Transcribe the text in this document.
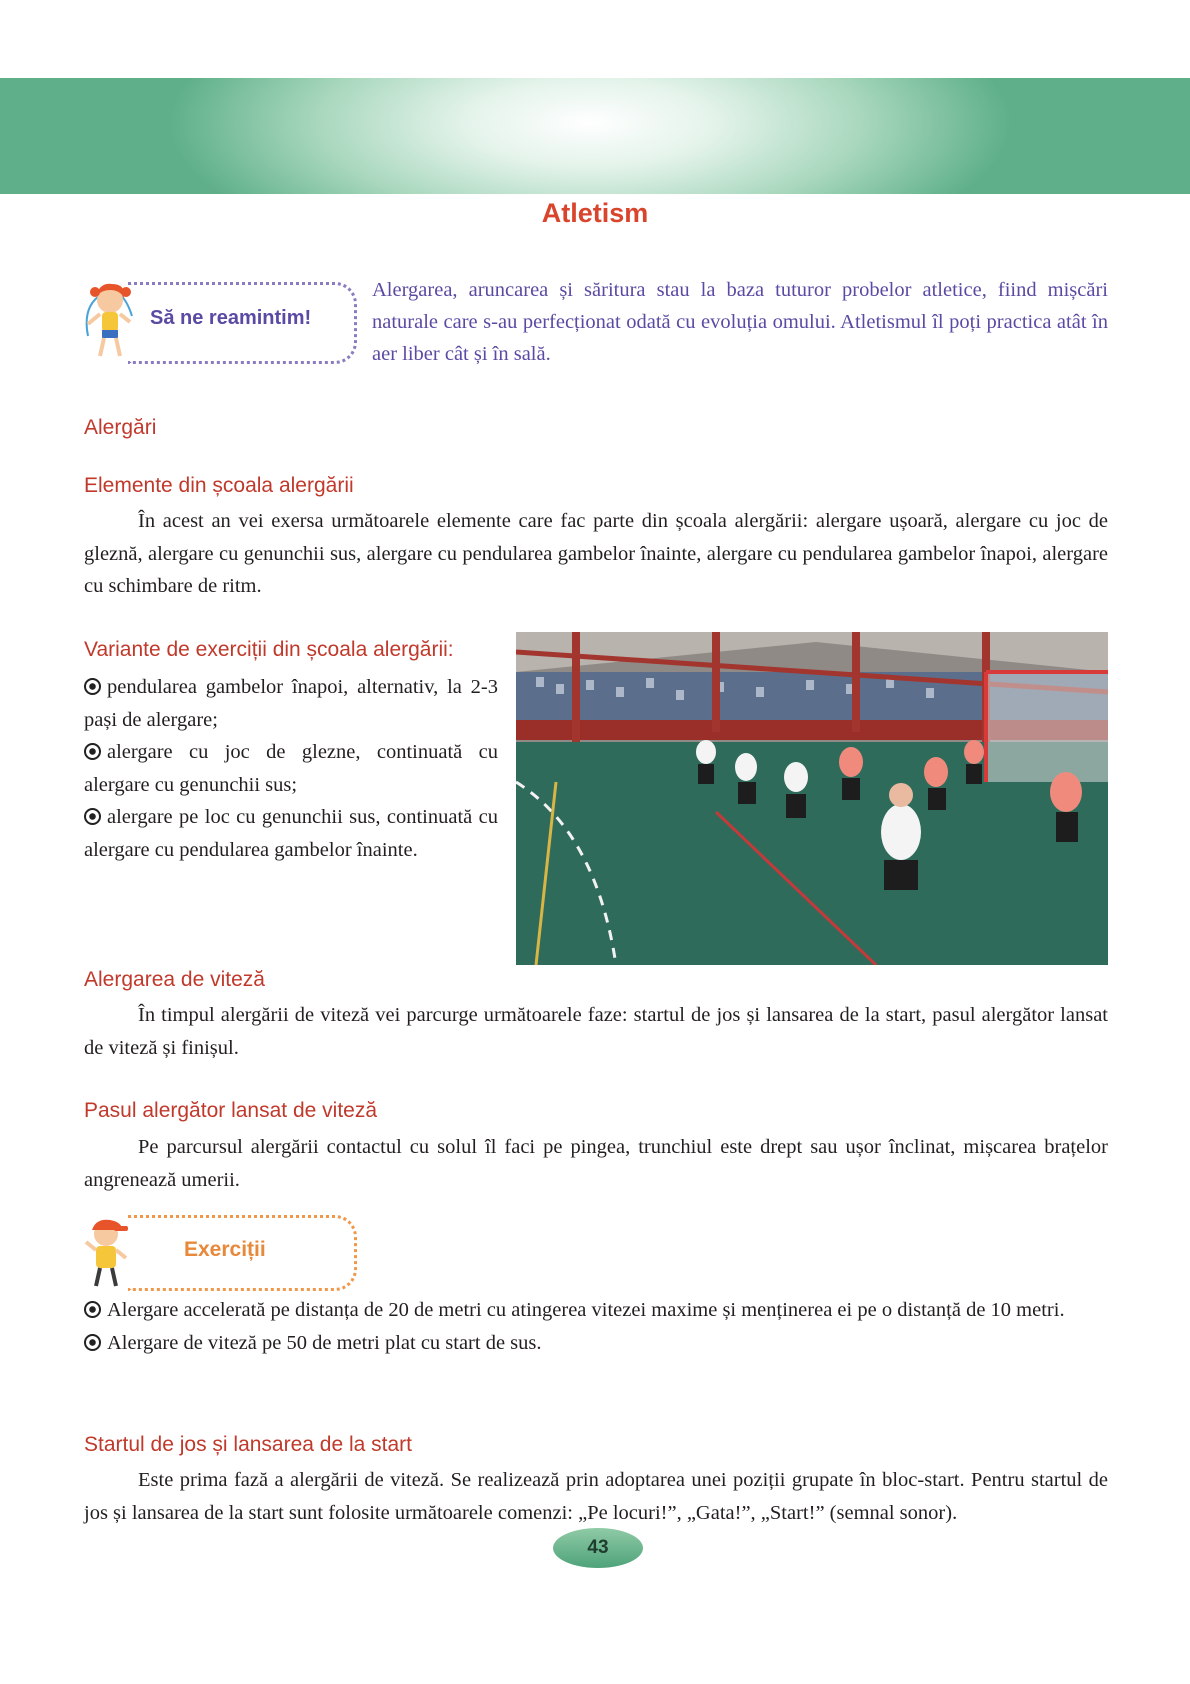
Atletism
Să ne reamintim!
Alergarea, aruncarea și săritura stau la baza tuturor probelor atletice, fiind mișcări naturale care s-au perfecționat odată cu evoluția omului. Atletismul îl poți practica atât în aer liber cât și în sală.
Alergări
Elemente din școala alergării
În acest an vei exersa următoarele elemente care fac parte din școala alergării: alergare ușoară, alergare cu joc de gleznă, alergare cu genunchii sus, alergare cu pendularea gambelor înainte, alergare cu pendularea gambelor înapoi, alergare cu schimbare de ritm.
Variante de exerciții din școala alergării:
pendularea gambelor înapoi, alternativ, la 2-3 pași de alergare;
alergare cu joc de glezne, continuată cu alergare cu genunchii sus;
alergare pe loc cu genunchii sus, continuată cu alergare cu pendularea gambelor înainte.
Alergarea de viteză
În timpul alergării de viteză vei parcurge următoarele faze: startul de jos și lansarea de la start, pasul alergător lansat de viteză și finișul.
Pasul alergător lansat de viteză
Pe parcursul alergării contactul cu solul îl faci pe pingea, trunchiul este drept sau ușor înclinat, mișcarea brațelor angrenează umerii.
Exerciții
Alergare accelerată pe distanța de 20 de metri cu atingerea vitezei maxime și menținerea ei pe o distanță de 10 metri.
Alergare de viteză pe 50 de metri plat cu start de sus.
Startul de jos și lansarea de la start
Este prima fază a alergării de viteză. Se realizează prin adoptarea unei poziții grupate în bloc-start. Pentru startul de jos și lansarea de la start sunt folosite următoarele comenzi: „Pe locuri!”, „Gata!”, „Start!” (semnal sonor).
43
